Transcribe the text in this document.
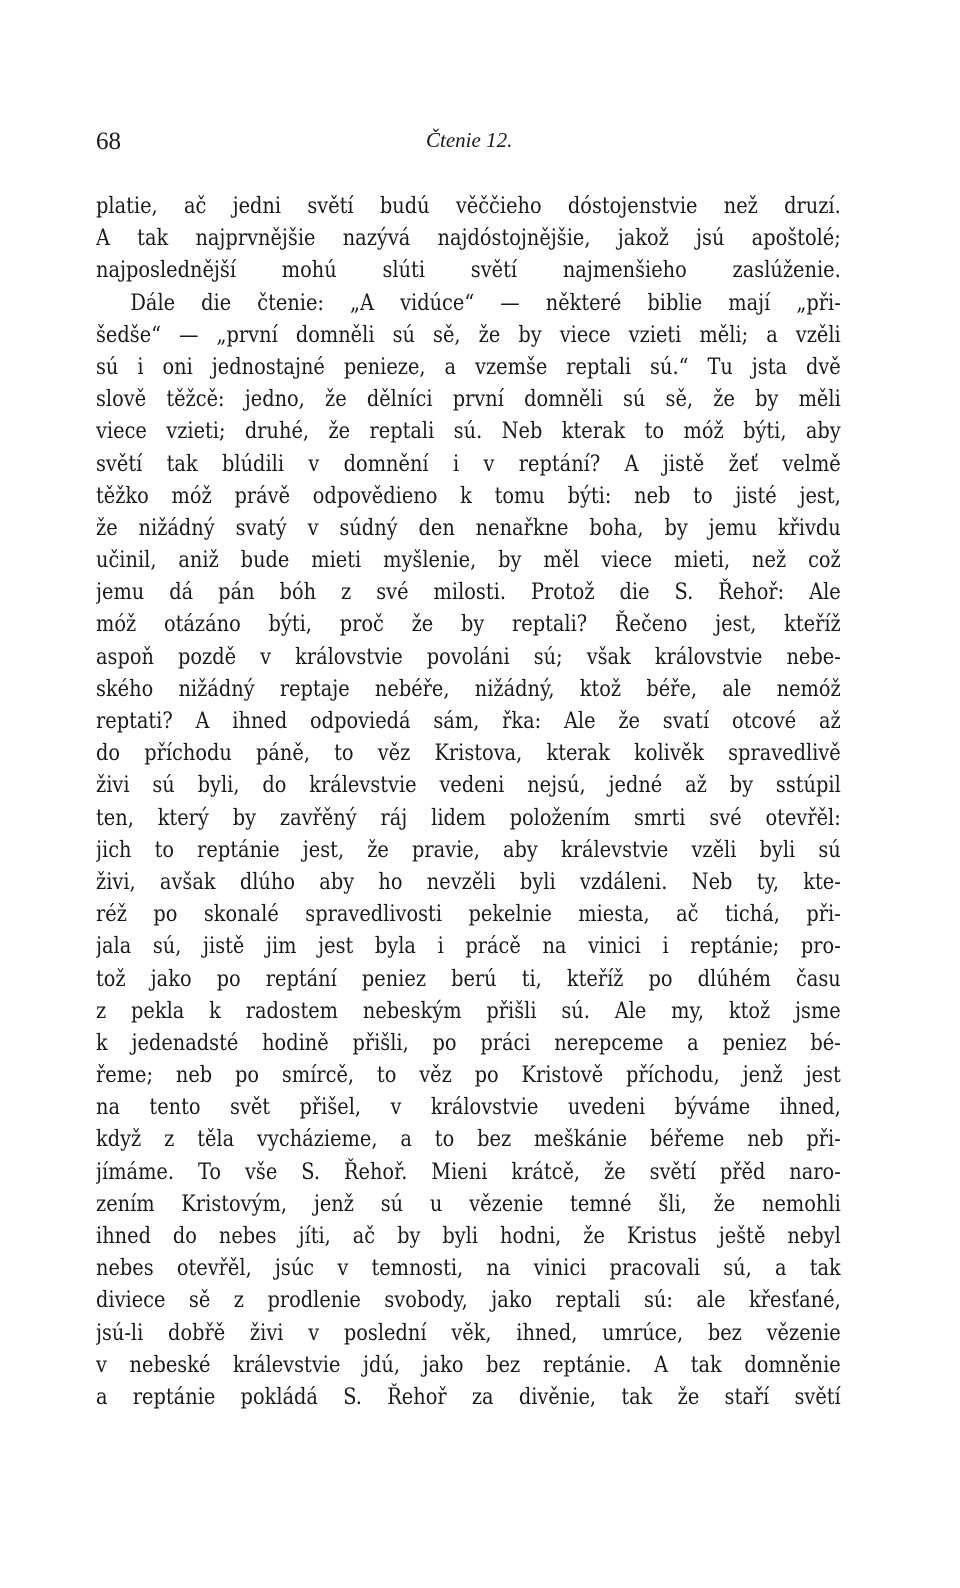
68	Čtenie 12.
platie, ač jedni světí budú věččieho dóstojenstvie než druzí.
A tak najprvnějšie nazývá najdóstojnějšie, jakož jsú apoštolé;
najposlednější mohú slúti světí najmenšieho zaslúženie.
Dále die čtenie: „A vidúce“ — některé biblie mají „při-
šedše“ — „první domněli sú sě, že by viece vzieti měli; a vzěli
sú i oni jednostajné penieze, a vzemše reptali sú.“ Tu jsta dvě
slově těžcě: jedno, že dělníci první domněli sú sě, že by měli
viece vzieti; druhé, že reptali sú. Neb kterak to móž býti, aby
světí tak blúdili v domnění i v reptání? A jistě žeť velmě
těžko móž právě odpovědieno k tomu býti: neb to jisté jest,
že nižádný svatý v súdný den nenařkne boha, by jemu křivdu
učinil, aniž bude mieti myšlenie, by měl viece mieti, než což
jemu dá pán bóh z své milosti. Protož die S. Řehoř: Ale
móž otázáno býti, proč že by reptali? Řečeno jest, kteříž
aspoň pozdě v královstvie povoláni sú; však královstvie nebe-
ského nižádný reptaje nebéře, nižádný, ktož béře, ale nemóž
reptati? A ihned odpoviedá sám, řka: Ale že svatí otcové až
do příchodu páně, to věz Kristova, kterak kolivěk spravedlivě
živi sú byli, do králevstvie vedeni nejsú, jedné až by sstúpil
ten, který by zavřěný ráj lidem položením smrti své otevřěl:
jich to reptánie jest, že pravie, aby králevstvie vzěli byli sú
živi, avšak dlúho aby ho nevzěli byli vzdáleni. Neb ty, kte-
réž po skonalé spravedlivosti pekelnie miesta, ač tichá, při-
jala sú, jistě jim jest byla i prácě na vinici i reptánie; pro-
tož jako po reptání peniez berú ti, kteříž po dlúhém času
z pekla k radostem nebeským přišli sú. Ale my, ktož jsme
k jedenadsté hodině přišli, po práci nerepceme a peniez bé-
řeme; neb po smírcě, to věz po Kristově příchodu, jenž jest
na tento svět přišel, v královstvie uvedeni býváme ihned,
když z těla vycházieme, a to bez meškánie béřeme neb při-
jímáme. To vše S. Řehoř. Mieni krátcě, že světí přěd naro-
zením Kristovým, jenž sú u vězenie temné šli, že nemohli
ihned do nebes jíti, ač by byli hodni, že Kristus ještě nebyl
nebes otevřěl, jsúc v temnosti, na vinici pracovali sú, a tak
diviece sě z prodlenie svobody, jako reptali sú: ale křesťané,
jsú-li dobřě živi v poslední věk, ihned, umrúce, bez vězenie
v nebeské králevstvie jdú, jako bez reptánie. A tak domněnie
a reptánie pokládá S. Řehoř za divěnie, tak že staří světí
